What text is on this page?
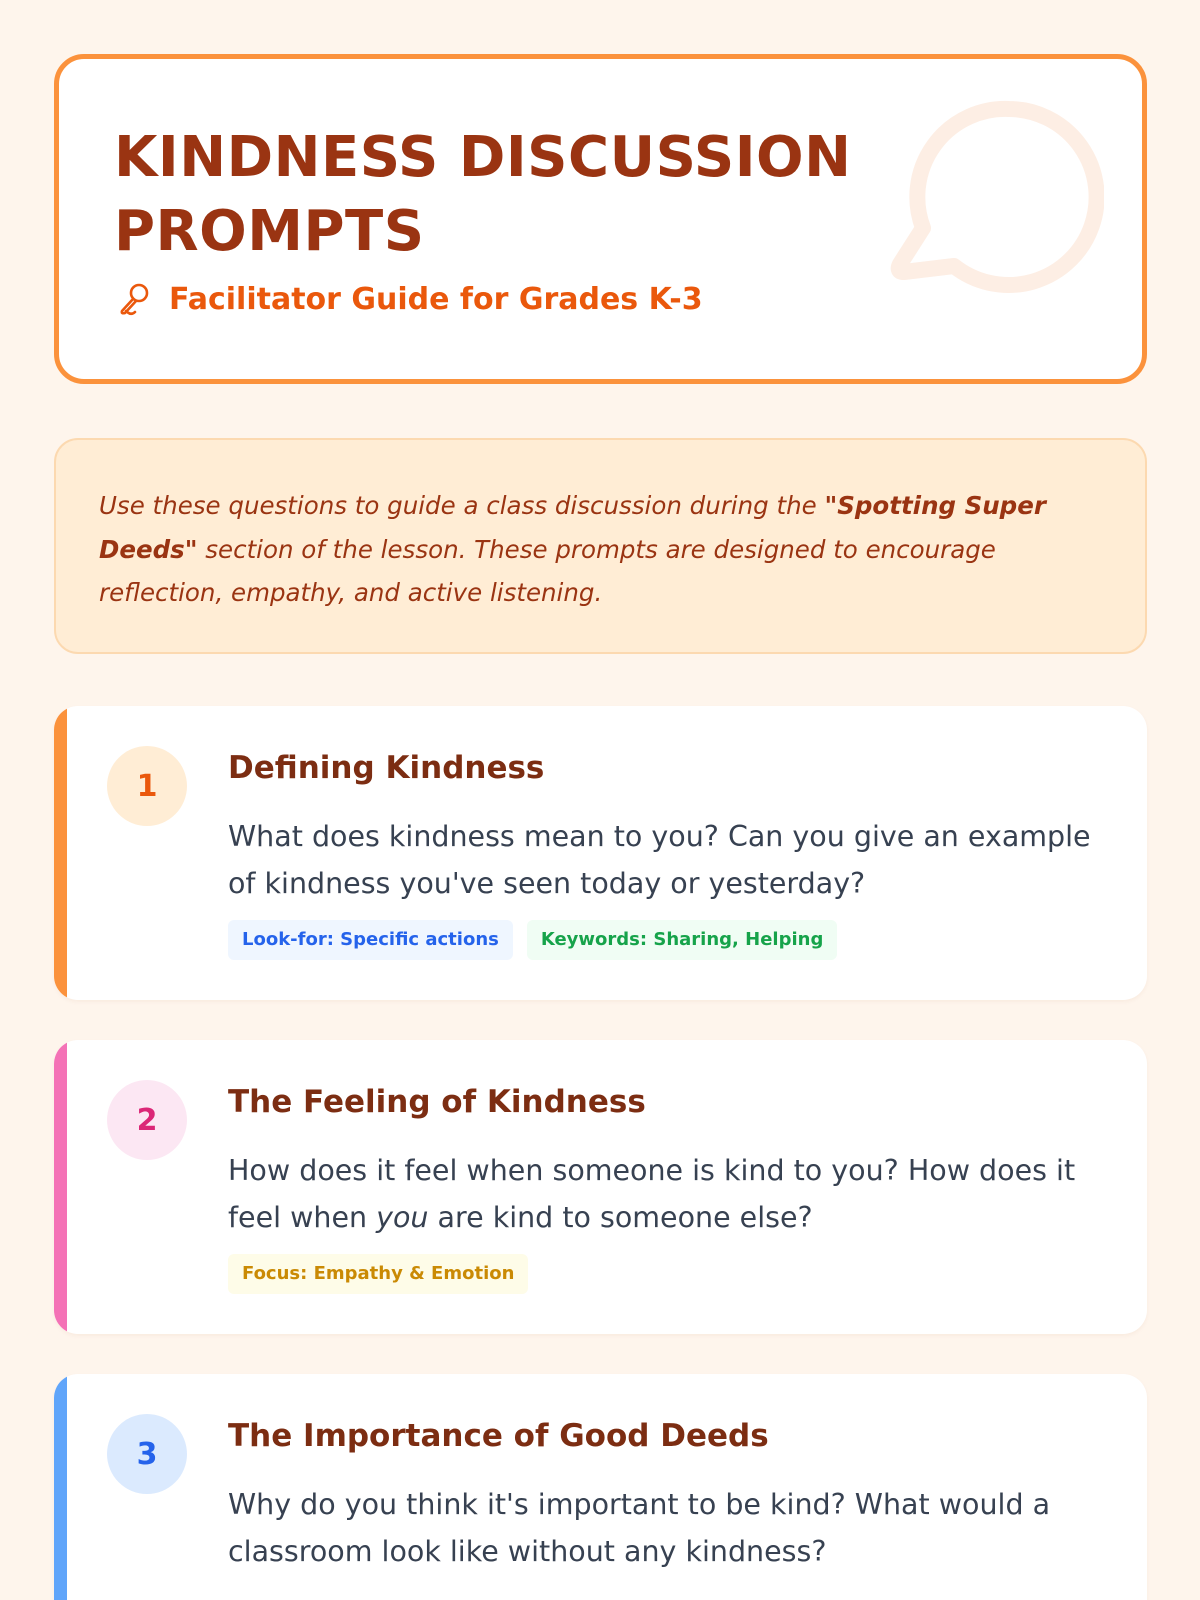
KINDNESS DISCUSSION PROMPTS
Facilitator Guide for Grades K-3

Use these questions to guide a class discussion during the "Spotting Super Deeds" section of the lesson. These prompts are designed to encourage reflection, empathy, and active listening.

1	Defining Kindness
What does kindness mean to you? Can you give an example of kindness you've seen today or yesterday?
Look-for: Specific actions	Keywords: Sharing, Helping
2	The Feeling of Kindness
How does it feel when someone is kind to you? How does it feel when you are kind to someone else?
Focus: Empathy & Emotion
3	The Importance of Good Deeds
Why do you think it's important to be kind? What would a classroom look like without any kindness?
